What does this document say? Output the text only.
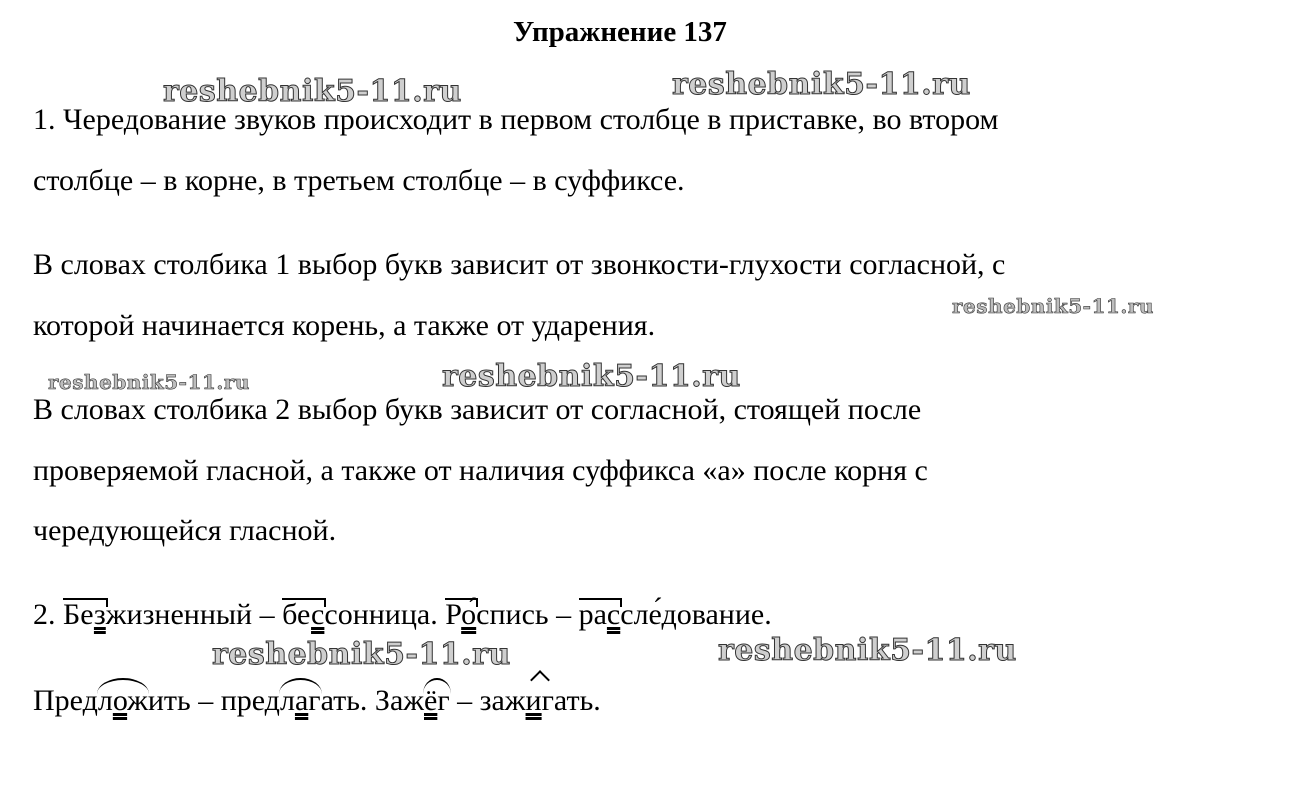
Упражнение 137
reshebnik5-11.ru	reshebnik5-11.ru
reshebnik5-11.ru
reshebnik5-11.ru	reshebnik5-11.ru
reshebnik5-11.ru	reshebnik5-11.ru
1. Чередование звуков происходит в первом столбце в приставке, во втором
столбце – в корне, в третьем столбце – в суффиксе.
В словах столбика 1 выбор букв зависит от звонкости-глухости согласной, с
которой начинается корень, а также от ударения.
В словах столбика 2 выбор букв зависит от согласной, стоящей после
проверяемой гласной, а также от наличия суффикса «а» после корня с
чередующейся гласной.
2. Безжизненный – бессонница. Ро́спись – рассле́дование.
Предложить – предлагать. Зажёг – зажигать.
